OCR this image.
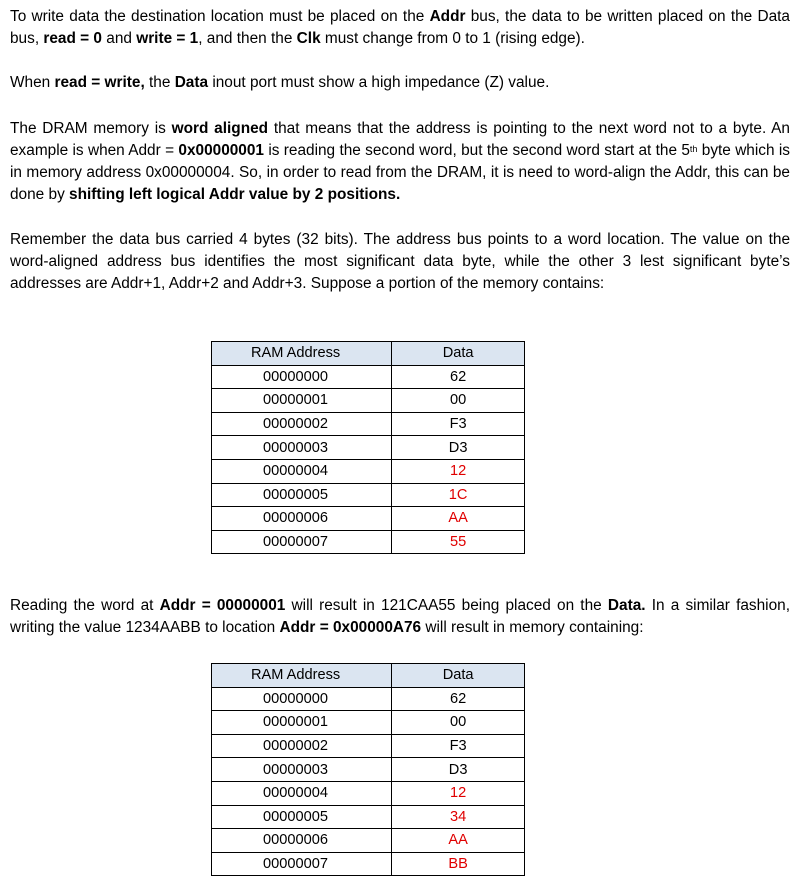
To write data the destination location must be placed on the Addr bus, the data to be written placed on the Data bus, read = 0 and write = 1, and then the Clk must change from 0 to 1 (rising edge).

When read = write, the Data inout port must show a high impedance (Z) value.

The DRAM memory is word aligned that means that the address is pointing to the next word not to a byte. An example is when Addr = 0x00000001 is reading the second word, but the second word start at the 5th byte which is in memory address 0x00000004. So, in order to read from the DRAM, it is need to word-align the Addr, this can be done by shifting left logical Addr value by 2 positions.

Remember the data bus carried 4 bytes (32 bits). The address bus points to a word location. The value on the word-aligned address bus identifies the most significant data byte, while the other 3 lest significant byte’s addresses are Addr+1, Addr+2 and Addr+3. Suppose a portion of the memory contains:

Reading the word at Addr = 00000001 will result in 121CAA55 being placed on the Data. In a similar fashion, writing the value 1234AABB to location Addr = 0x00000A76 will result in memory containing:

RAM Address	Data
00000000	62
00000001	00
00000002	F3
00000003	D3
00000004	12
00000005	1C
00000006	AA
00000007	55
RAM Address	Data
00000000	62
00000001	00
00000002	F3
00000003	D3
00000004	12
00000005	34
00000006	AA
00000007	BB
